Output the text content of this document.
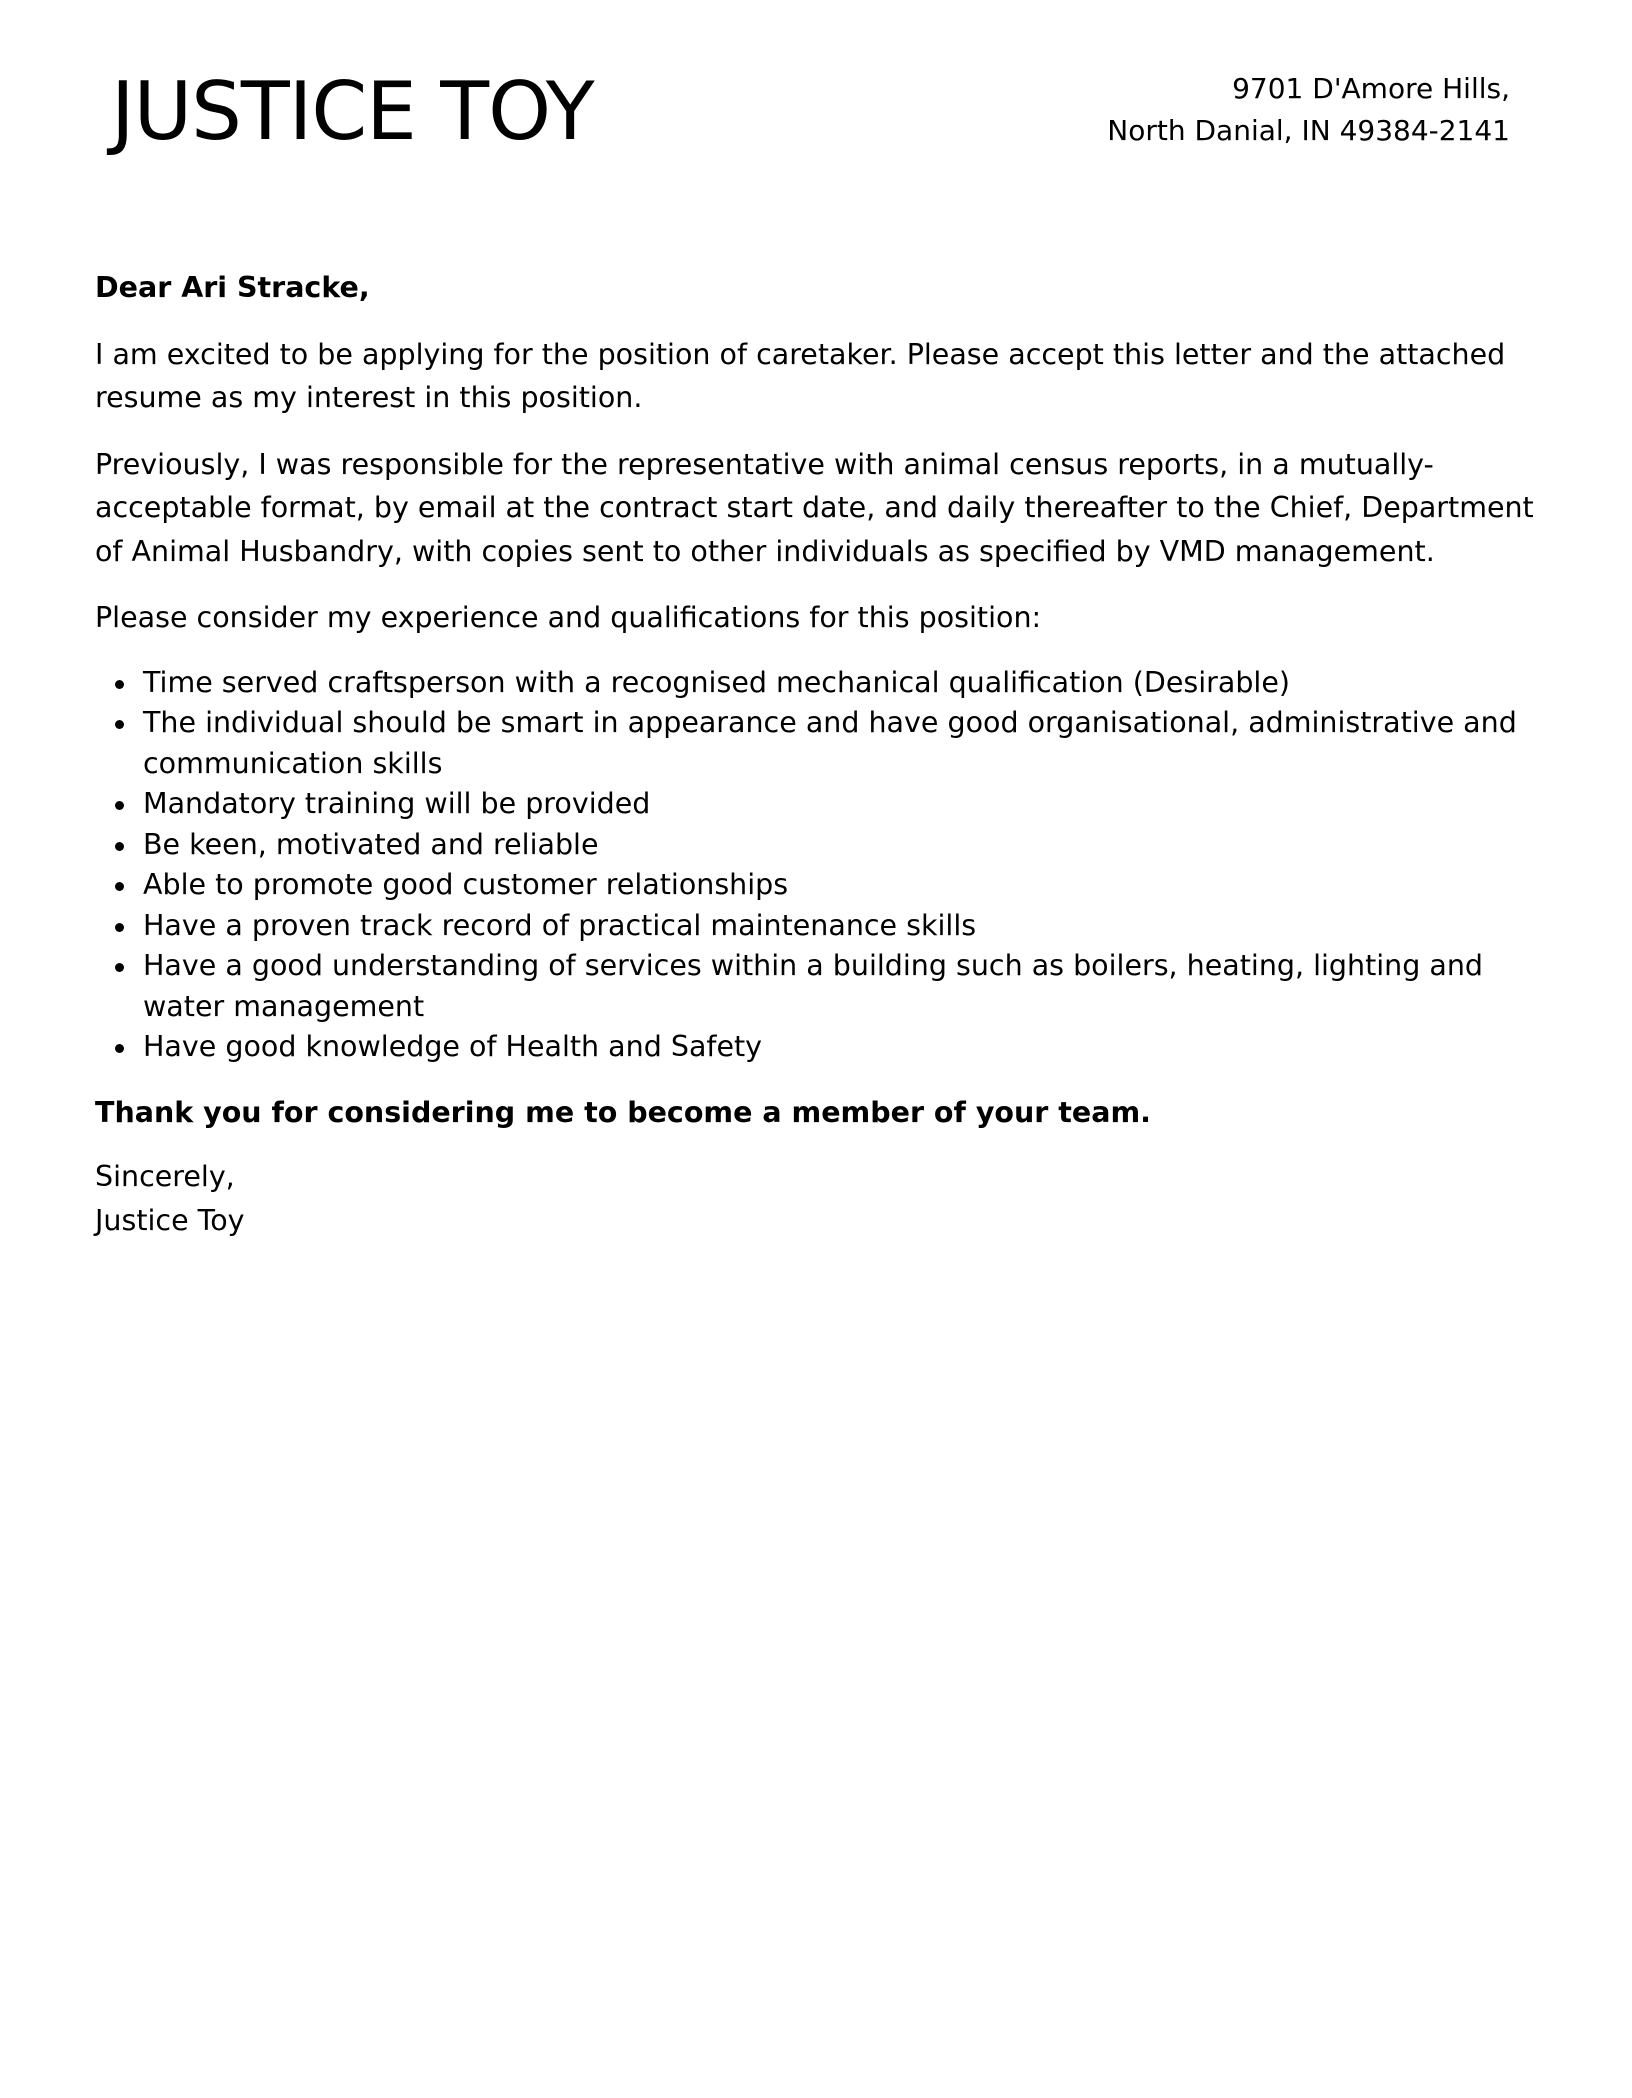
JUSTICE TOY	9701 D'Amore Hills,
North Danial, IN 49384-2141

Dear Ari Stracke,

I am excited to be applying for the position of caretaker. Please accept this letter and the attached resume as my interest in this position.

Previously, I was responsible for the representative with animal census reports, in a mutually-acceptable format, by email at the contract start date, and daily thereafter to the Chief, Department of Animal Husbandry, with copies sent to other individuals as specified by VMD management.

Please consider my experience and qualifications for this position:

Time served craftsperson with a recognised mechanical qualification (Desirable)
The individual should be smart in appearance and have good organisational, administrative and communication skills
Mandatory training will be provided
Be keen, motivated and reliable
Able to promote good customer relationships
Have a proven track record of practical maintenance skills
Have a good understanding of services within a building such as boilers, heating, lighting and water management
Have good knowledge of Health and Safety

Thank you for considering me to become a member of your team.

Sincerely,
Justice Toy
